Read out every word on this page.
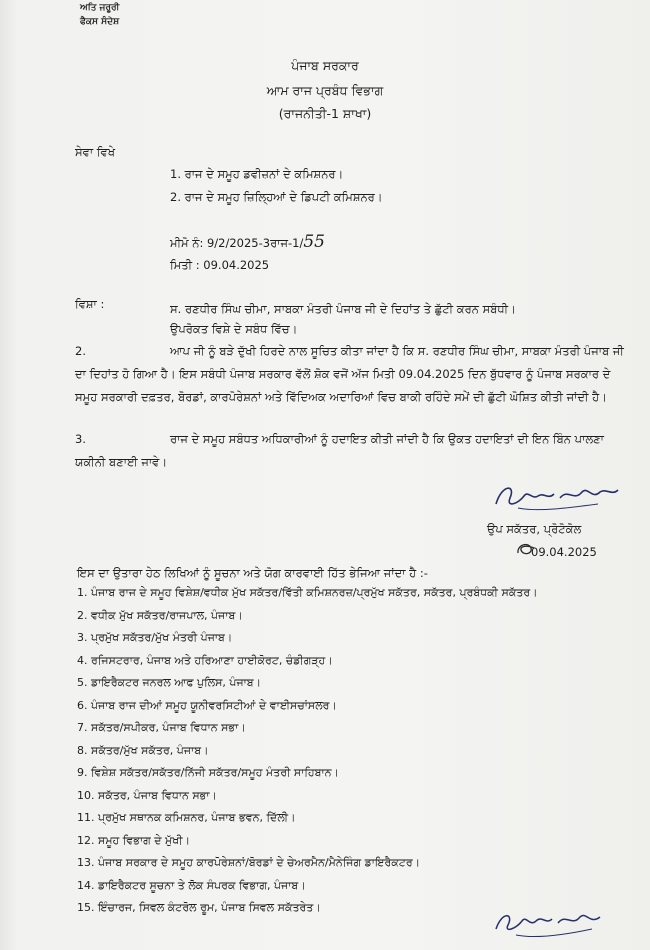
ਅਤਿ ਜਰੂਰੀ
ਫੈਕਸ ਸੰਦੇਸ਼
ਪੰਜਾਬ ਸਰਕਾਰ
ਆਮ ਰਾਜ ਪ੍ਰਬੰਧ ਵਿਭਾਗ
(ਰਾਜਨੀਤੀ-1 ਸ਼ਾਖਾ)
ਸੇਵਾ ਵਿਖੇ
1. ਰਾਜ ਦੇ ਸਮੂਹ ਡਵੀਜ਼ਨਾਂ ਦੇ ਕਮਿਸ਼ਨਰ।
2. ਰਾਜ ਦੇ ਸਮੂਹ ਜ਼ਿਲ੍ਹਿਆਂ ਦੇ ਡਿਪਟੀ ਕਮਿਸ਼ਨਰ।
ਮੀਮੋ ਨੰ: 9/2/2025-3ਰਾਜ-1/55
ਮਿਤੀ : 09.04.2025
ਵਿਸ਼ਾ :	ਸ. ਰਣਧੀਰ ਸਿੰਘ ਚੀਮਾ, ਸਾਬਕਾ ਮੰਤਰੀ ਪੰਜਾਬ ਜੀ ਦੇ ਦਿਹਾਂਤ ਤੇ ਛੁੱਟੀ ਕਰਨ ਸਬੰਧੀ।
ਉਪਰੋਕਤ ਵਿਸ਼ੇ ਦੇ ਸਬੰਧ ਵਿੱਚ।
2.	ਆਪ ਜੀ ਨੂੰ ਬੜੇ ਦੁੱਖੀ ਹਿਰਦੇ ਨਾਲ ਸੂਚਿਤ ਕੀਤਾ ਜਾਂਦਾ ਹੈ ਕਿ ਸ. ਰਣਧੀਰ ਸਿੰਘ ਚੀਮਾ, ਸਾਬਕਾ ਮੰਤਰੀ ਪੰਜਾਬ ਜੀ ਦਾ ਦਿਹਾਂਤ ਹੋ ਗਿਆ ਹੈ। ਇਸ ਸਬੰਧੀ ਪੰਜਾਬ ਸਰਕਾਰ ਵੱਲੋਂ ਸ਼ੋਕ ਵਜੋਂ ਅੱਜ ਮਿਤੀ 09.04.2025 ਦਿਨ ਬੁੱਧਵਾਰ ਨੂੰ ਪੰਜਾਬ ਸਰਕਾਰ ਦੇ ਸਮੂਹ ਸਰਕਾਰੀ ਦਫ਼ਤਰ, ਬੋਰਡਾਂ, ਕਾਰਪੋਰੇਸ਼ਨਾਂ ਅਤੇ ਵਿੱਦਿਅਕ ਅਦਾਰਿਆਂ ਵਿਚ ਬਾਕੀ ਰਹਿੰਦੇ ਸਮੇਂ ਦੀ ਛੁੱਟੀ ਘੋਸ਼ਿਤ ਕੀਤੀ ਜਾਂਦੀ ਹੈ।
3.	ਰਾਜ ਦੇ ਸਮੂਹ ਸਬੰਧਤ ਅਧਿਕਾਰੀਆਂ ਨੂੰ ਹਦਾਇਤ ਕੀਤੀ ਜਾਂਦੀ ਹੈ ਕਿ ਉਕਤ ਹਦਾਇਤਾਂ ਦੀ ਇਨ ਬਿੰਨ ਪਾਲਣਾ ਯਕੀਨੀ ਬਣਾਈ ਜਾਵੇ।
ਉਪ ਸਕੱਤਰ, ਪ੍ਰੋਟੋਕੋਲ
09.04.2025
ਇਸ ਦਾ ਉਤਾਰਾ ਹੇਠ ਲਿਖਿਆਂ ਨੂੰ ਸੂਚਨਾ ਅਤੇ ਯੋਗ ਕਾਰਵਾਈ ਹਿੱਤ ਭੇਜਿਆ ਜਾਂਦਾ ਹੈ :-
1. ਪੰਜਾਬ ਰਾਜ ਦੇ ਸਮੂਹ ਵਿਸ਼ੇਸ਼/ਵਧੀਕ ਮੁੱਖ ਸਕੱਤਰ/ਵਿੱਤੀ ਕਮਿਸ਼ਨਰਜ਼/ਪ੍ਰਮੁੱਖ ਸਕੱਤਰ, ਸਕੱਤਰ, ਪ੍ਰਬੰਧਕੀ ਸਕੱਤਰ।
2. ਵਧੀਕ ਮੁੱਖ ਸਕੱਤਰ/ਰਾਜਪਾਲ, ਪੰਜਾਬ।
3. ਪ੍ਰਮੁੱਖ ਸਕੱਤਰ/ਮੁੱਖ ਮੰਤਰੀ ਪੰਜਾਬ।
4. ਰਜਿਸਟਰਾਰ, ਪੰਜਾਬ ਅਤੇ ਹਰਿਆਣਾ ਹਾਈਕੋਰਟ, ਚੰਡੀਗੜ੍ਹ।
5. ਡਾਇਰੈਕਟਰ ਜਨਰਲ ਆਫ ਪੁਲਿਸ, ਪੰਜਾਬ।
6. ਪੰਜਾਬ ਰਾਜ ਦੀਆਂ ਸਮੂਹ ਯੂਨੀਵਰਸਿਟੀਆਂ ਦੇ ਵਾਈਸਚਾਂਸਲਰ।
7. ਸਕੱਤਰ/ਸਪੀਕਰ, ਪੰਜਾਬ ਵਿਧਾਨ ਸਭਾ।
8. ਸਕੱਤਰ/ਮੁੱਖ ਸਕੱਤਰ, ਪੰਜਾਬ।
9. ਵਿਸ਼ੇਸ਼ ਸਕੱਤਰ/ਸਕੱਤਰ/ਨਿੱਜੀ ਸਕੱਤਰ/ਸਮੂਹ ਮੰਤਰੀ ਸਾਹਿਬਾਨ।
10. ਸਕੱਤਰ, ਪੰਜਾਬ ਵਿਧਾਨ ਸਭਾ।
11. ਪ੍ਰਮੁੱਖ ਸਥਾਨਕ ਕਮਿਸ਼ਨਰ, ਪੰਜਾਬ ਭਵਨ, ਦਿੱਲੀ।
12. ਸਮੂਹ ਵਿਭਾਗ ਦੇ ਮੁੱਖੀ।
13. ਪੰਜਾਬ ਸਰਕਾਰ ਦੇ ਸਮੂਹ ਕਾਰਪੋਰੇਸ਼ਨਾਂ/ਬੋਰਡਾਂ ਦੇ ਚੇਅਰਮੈਨ/ਮੈਨੇਜਿੰਗ ਡਾਇਰੈਕਟਰ।
14. ਡਾਇਰੈਕਟਰ ਸੂਚਨਾ ਤੇ ਲੋਕ ਸੰਪਰਕ ਵਿਭਾਗ, ਪੰਜਾਬ।
15. ਇੰਚਾਰਜ, ਸਿਵਲ ਕੰਟਰੋਲ ਰੂਮ, ਪੰਜਾਬ ਸਿਵਲ ਸਕੱਤਰੇਤ।
